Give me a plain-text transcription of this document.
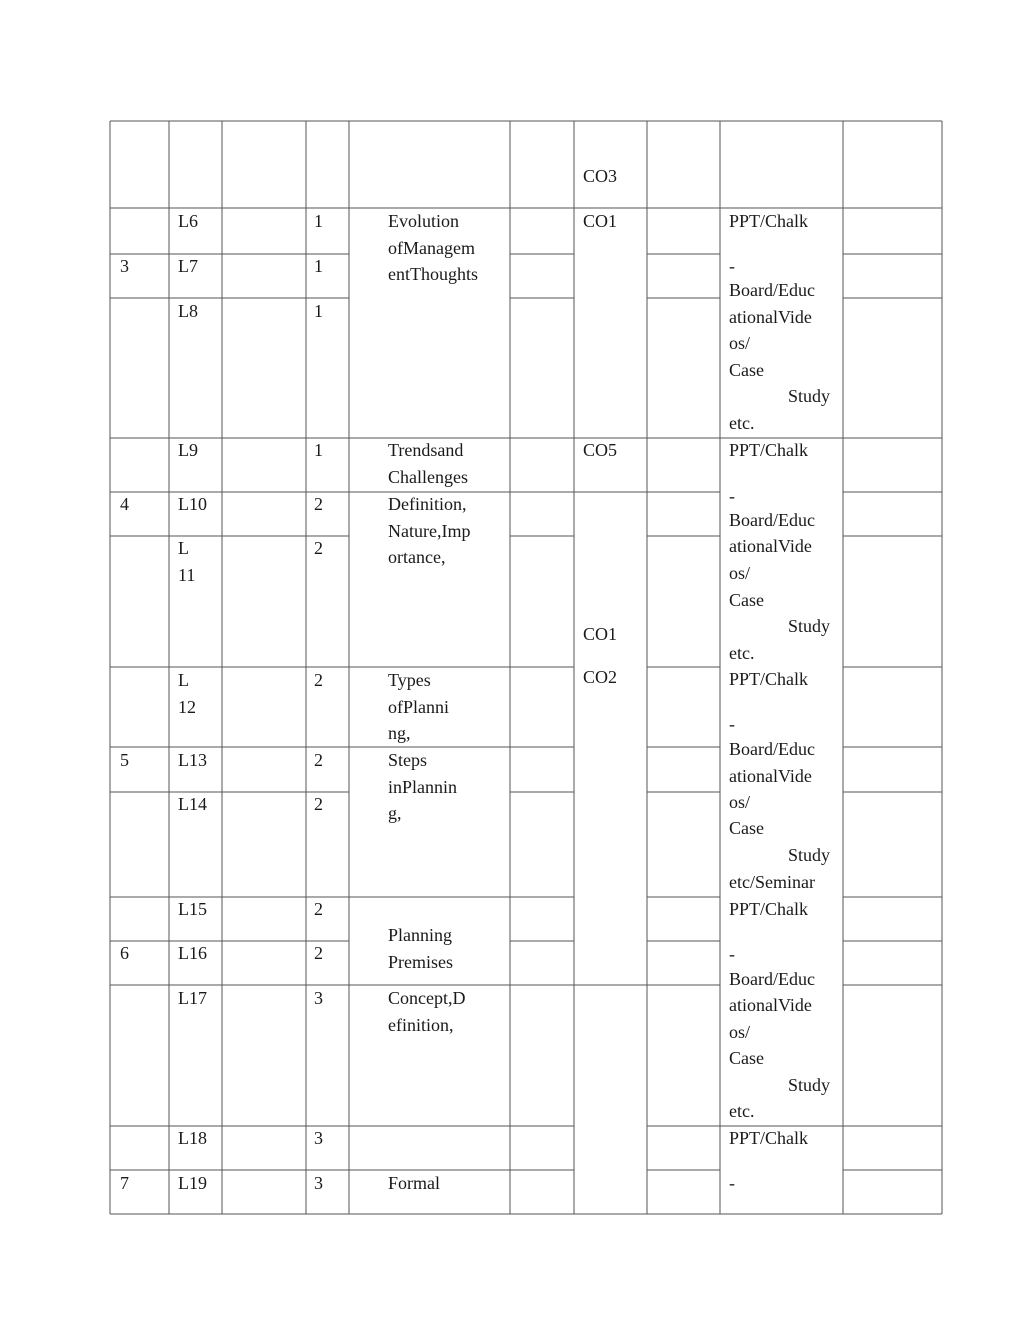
CO3
3
4
5
6
7
L6
L7
L8
L9
L10
L
11
L
12
L13
L14
L15
L16
L17
L18
L19
1
1
1
1
2
2
2
2
2
2
2
3
3
3
Evolution
ofManagem
entThoughts
Trendsand
Challenges
Definition,
Nature,Imp
ortance,
Types
ofPlanni
ng,
Steps
inPlannin
g,
Planning
Premises
Concept,D
efinition,
Formal
CO1
CO5
CO1
CO2
PPT/Chalk
-
Board/Educ
ationalVide
os/
Case
Study
etc.
PPT/Chalk
-
Board/Educ
ationalVide
os/
Case
Study
etc.
PPT/Chalk
-
Board/Educ
ationalVide
os/
Case
Study
etc/Seminar
PPT/Chalk
-
Board/Educ
ationalVide
os/
Case
Study
etc.
PPT/Chalk
-
